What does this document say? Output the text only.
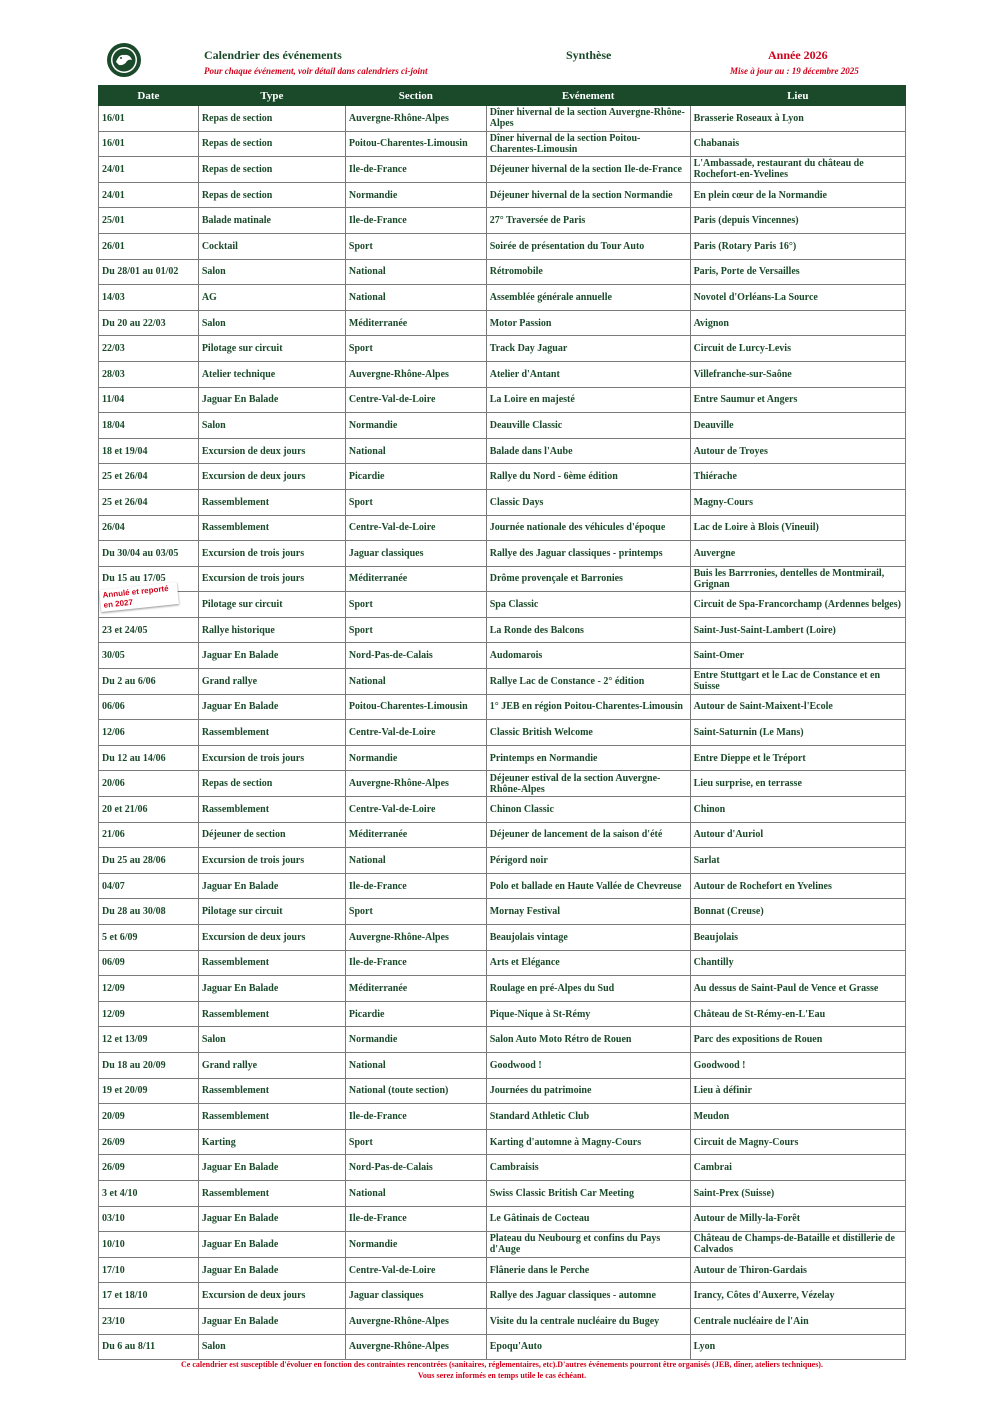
Calendrier des événements
Pour chaque événement, voir détail dans calendriers ci-joint
Synthèse	Année 2026
Mise à jour au : 19 décembre 2025
Date	Type	Section	Evénement	Lieu
16/01	Repas de section	Auvergne-Rhône-Alpes	Dîner hivernal de la section Auvergne-Rhône-Alpes	Brasserie Roseaux à Lyon
16/01	Repas de section	Poitou-Charentes-Limousin	Dîner hivernal de la section Poitou-Charentes-Limousin	Chabanais
24/01	Repas de section	Ile-de-France	Déjeuner hivernal de la section Ile-de-France	L'Ambassade, restaurant du château de Rochefort-en-Yvelines
24/01	Repas de section	Normandie	Déjeuner hivernal de la section Normandie	En plein cœur de la Normandie
25/01	Balade matinale	Ile-de-France	27° Traversée de Paris	Paris (depuis Vincennes)
26/01	Cocktail	Sport	Soirée de présentation du Tour Auto	Paris (Rotary Paris 16°)
Du 28/01 au 01/02	Salon	National	Rétromobile	Paris, Porte de Versailles
14/03	AG	National	Assemblée générale annuelle	Novotel d'Orléans-La Source
Du 20 au 22/03	Salon	Méditerranée	Motor Passion	Avignon
22/03	Pilotage sur circuit	Sport	Track Day Jaguar	Circuit de Lurcy-Levis
28/03	Atelier technique	Auvergne-Rhône-Alpes	Atelier d'Antant	Villefranche-sur-Saône
11/04	Jaguar En Balade	Centre-Val-de-Loire	La Loire en majesté	Entre Saumur et Angers
18/04	Salon	Normandie	Deauville Classic	Deauville
18 et 19/04	Excursion de deux jours	National	Balade dans l'Aube	Autour de Troyes
25 et 26/04	Excursion de deux jours	Picardie	Rallye du Nord - 6ème édition	Thiérache
25 et 26/04	Rassemblement	Sport	Classic Days	Magny-Cours
26/04	Rassemblement	Centre-Val-de-Loire	Journée nationale des véhicules d'époque	Lac de Loire à Blois (Vineuil)
Du 30/04 au 03/05	Excursion de trois jours	Jaguar classiques	Rallye des Jaguar classiques - printemps	Auvergne
Du 15 au 17/05	Excursion de trois jours	Méditerranée	Drôme provençale et Barronies	Buis les Barrronies, dentelles de Montmirail, Grignan
	Pilotage sur circuit	Sport	Spa Classic	Circuit de Spa-Francorchamp (Ardennes belges)
23 et 24/05	Rallye historique	Sport	La Ronde des Balcons	Saint-Just-Saint-Lambert (Loire)
30/05	Jaguar En Balade	Nord-Pas-de-Calais	Audomarois	Saint-Omer
Du 2 au 6/06	Grand rallye	National	Rallye Lac de Constance - 2° édition	Entre Stuttgart et le Lac de Constance et en Suisse
06/06	Jaguar En Balade	Poitou-Charentes-Limousin	1° JEB en région Poitou-Charentes-Limousin	Autour de Saint-Maixent-l'Ecole
12/06	Rassemblement	Centre-Val-de-Loire	Classic British Welcome	Saint-Saturnin (Le Mans)
Du 12 au 14/06	Excursion de trois jours	Normandie	Printemps en Normandie	Entre Dieppe et le Tréport
20/06	Repas de section	Auvergne-Rhône-Alpes	Déjeuner estival de la section Auvergne-Rhône-Alpes	Lieu surprise, en terrasse
20 et 21/06	Rassemblement	Centre-Val-de-Loire	Chinon Classic	Chinon
21/06	Déjeuner de section	Méditerranée	Déjeuner de lancement de la saison d'été	Autour d'Auriol
Du 25 au 28/06	Excursion de trois jours	National	Périgord noir	Sarlat
04/07	Jaguar En Balade	Ile-de-France	Polo et ballade en Haute Vallée de Chevreuse	Autour de Rochefort en Yvelines
Du 28 au 30/08	Pilotage sur circuit	Sport	Mornay Festival	Bonnat (Creuse)
5 et 6/09	Excursion de deux jours	Auvergne-Rhône-Alpes	Beaujolais vintage	Beaujolais
06/09	Rassemblement	Ile-de-France	Arts et Elégance	Chantilly
12/09	Jaguar En Balade	Méditerranée	Roulage en pré-Alpes du Sud	Au dessus de Saint-Paul de Vence et Grasse
12/09	Rassemblement	Picardie	Pique-Nique à St-Rémy	Château de St-Rémy-en-L'Eau
12 et 13/09	Salon	Normandie	Salon Auto Moto Rétro de Rouen	Parc des expositions de Rouen
Du 18 au 20/09	Grand rallye	National	Goodwood !	Goodwood !
19 et 20/09	Rassemblement	National (toute section)	Journées du patrimoine	Lieu à définir
20/09	Rassemblement	Ile-de-France	Standard Athletic Club	Meudon
26/09	Karting	Sport	Karting d'automne à Magny-Cours	Circuit de Magny-Cours
26/09	Jaguar En Balade	Nord-Pas-de-Calais	Cambraisis	Cambrai
3 et 4/10	Rassemblement	National	Swiss Classic British Car Meeting	Saint-Prex (Suisse)
03/10	Jaguar En Balade	Ile-de-France	Le Gâtinais de Cocteau	Autour de Milly-la-Forêt
10/10	Jaguar En Balade	Normandie	Plateau du Neubourg et confins du Pays d'Auge	Château de Champs-de-Bataille et distillerie de Calvados
17/10	Jaguar En Balade	Centre-Val-de-Loire	Flânerie dans le Perche	Autour de Thiron-Gardais
17 et 18/10	Excursion de deux jours	Jaguar classiques	Rallye des Jaguar classiques - automne	Irancy, Côtes d'Auxerre, Vézelay
23/10	Jaguar En Balade	Auvergne-Rhône-Alpes	Visite du la centrale nucléaire du Bugey	Centrale nucléaire de l'Ain
Du 6 au 8/11	Salon	Auvergne-Rhône-Alpes	Epoqu'Auto	Lyon
Annulé et reporté en 2027
Ce calendrier est susceptible d'évoluer en fonction des contraintes rencontrées (sanitaires, réglementaires, etc).D'autres événements pourront être organisés (JEB, dîner, ateliers techniques).
Vous serez informés en temps utile le cas échéant.
